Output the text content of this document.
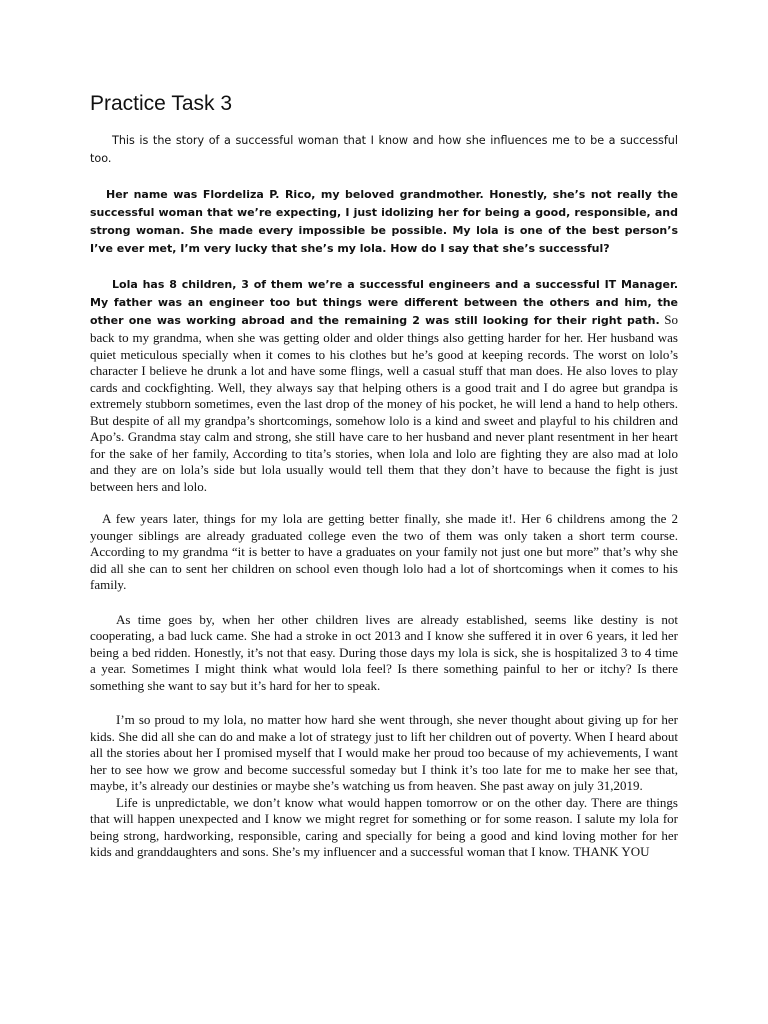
Practice Task 3

This is the story of a successful woman that I know and how she influences me to be a successful too.

Her name was Flordeliza P. Rico, my beloved grandmother. Honestly, she’s not really the successful woman that we’re expecting, I just idolizing her for being a good, responsible, and strong woman. She made every impossible be possible. My lola is one of the best person’s I’ve ever met, I’m very lucky that she’s my lola. How do I say that she’s successful?

Lola has 8 children, 3 of them we’re a successful engineers and a successful IT Manager. My father was an engineer too but things were different between the others and him, the other one was working abroad and the remaining 2 was still looking for their right path. So back to my grandma, when she was getting older and older things also getting harder for her. Her husband was quiet meticulous specially when it comes to his clothes but he’s good at keeping records. The worst on lolo’s character I believe he drunk a lot and have some flings, well a casual stuff that man does. He also loves to play cards and cockfighting. Well, they always say that helping others is a good trait and I do agree but grandpa is extremely stubborn sometimes, even the last drop of the money of his pocket, he will lend a hand to help others. But despite of all my grandpa’s shortcomings, somehow lolo is a kind and sweet and playful to his children and Apo’s. Grandma stay calm and strong, she still have care to her husband and never plant resentment in her heart for the sake of her family, According to tita’s stories, when lola and lolo are fighting they are also mad at lolo and they are on lola’s side but lola usually would tell them that they don’t have to because the fight is just between hers and lolo.

A few years later, things for my lola are getting better finally, she made it!. Her 6 childrens among the 2 younger siblings are already graduated college even the two of them was only taken a short term course. According to my grandma “it is better to have a graduates on your family not just one but more” that’s why she did all she can to sent her children on school even though lolo had a lot of shortcomings when it comes to his family.

As time goes by, when her other children lives are already established, seems like destiny is not cooperating, a bad luck came. She had a stroke in oct 2013 and I know she suffered it in over 6 years, it led her being a bed ridden. Honestly, it’s not that easy. During those days my lola is sick, she is hospitalized 3 to 4 time a year. Sometimes I might think what would lola feel? Is there something painful to her or itchy? Is there something she want to say but it’s hard for her to speak.

I’m so proud to my lola, no matter how hard she went through, she never thought about giving up for her kids. She did all she can do and make a lot of strategy just to lift her children out of poverty. When I heard about all the stories about her I promised myself that I would make her proud too because of my achievements, I want her to see how we grow and become successful someday but I think it’s too late for me to make her see that, maybe, it’s already our destinies or maybe she’s watching us from heaven. She past away on july 31,2019.

Life is unpredictable, we don’t know what would happen tomorrow or on the other day. There are things that will happen unexpected and I know we might regret for something or for some reason. I salute my lola for being strong, hardworking, responsible, caring and specially for being a good and kind loving mother for her kids and granddaughters and sons. She’s my influencer and a successful woman that I know. THANK YOU
